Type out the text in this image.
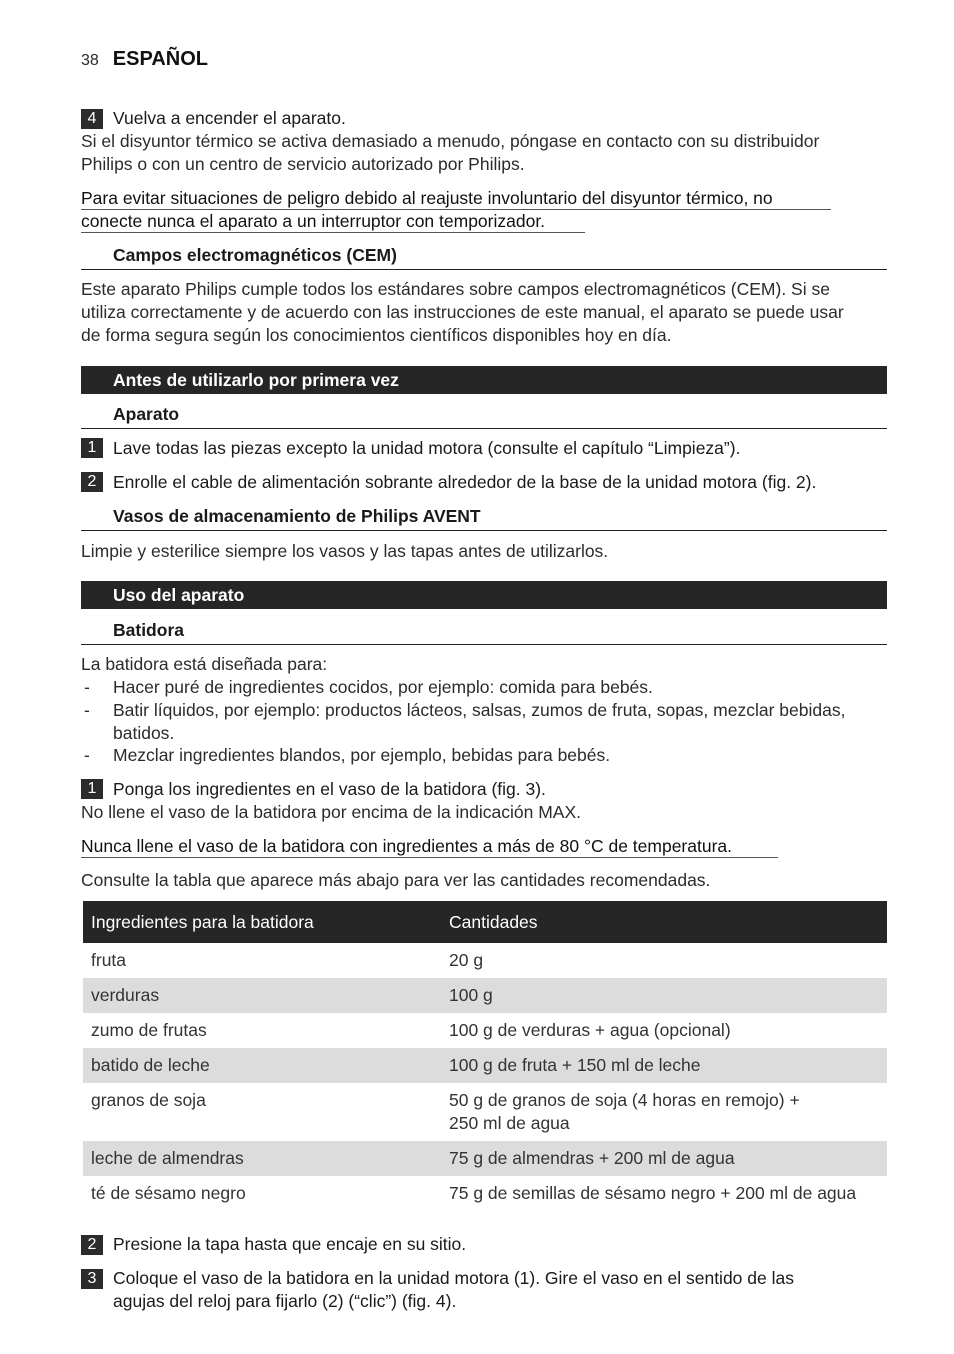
38 ESPAÑOL
4 Vuelva a encender el aparato.
Si el disyuntor térmico se activa demasiado a menudo, póngase en contacto con su distribuidor
Philips o con un centro de servicio autorizado por Philips.
Para evitar situaciones de peligro debido al reajuste involuntario del disyuntor térmico, no
conecte nunca el aparato a un interruptor con temporizador.
Campos electromagnéticos (CEM)
Este aparato Philips cumple todos los estándares sobre campos electromagnéticos (CEM). Si se
utiliza correctamente y de acuerdo con las instrucciones de este manual, el aparato se puede usar
de forma segura según los conocimientos científicos disponibles hoy en día.
Antes de utilizarlo por primera vez
Aparato
1 Lave todas las piezas excepto la unidad motora (consulte el capítulo “Limpieza”).
2 Enrolle el cable de alimentación sobrante alrededor de la base de la unidad motora (fig. 2).
Vasos de almacenamiento de Philips AVENT
Limpie y esterilice siempre los vasos y las tapas antes de utilizarlos.
Uso del aparato
Batidora
La batidora está diseñada para:
- Hacer puré de ingredientes cocidos, por ejemplo: comida para bebés.
- Batir líquidos, por ejemplo: productos lácteos, salsas, zumos de fruta, sopas, mezclar bebidas,
batidos.
- Mezclar ingredientes blandos, por ejemplo, bebidas para bebés.
1 Ponga los ingredientes en el vaso de la batidora (fig. 3).
No llene el vaso de la batidora por encima de la indicación MAX.
Nunca llene el vaso de la batidora con ingredientes a más de 80 °C de temperatura.
Consulte la tabla que aparece más abajo para ver las cantidades recomendadas.
Ingredientes para la batidora	Cantidades
fruta	20 g
verduras	100 g
zumo de frutas	100 g de verduras + agua (opcional)
batido de leche	100 g de fruta + 150 ml de leche
granos de soja	50 g de granos de soja (4 horas en remojo) +
250 ml de agua

leche de almendras	75 g de almendras + 200 ml de agua
té de sésamo negro	75 g de semillas de sésamo negro + 200 ml de agua
2 Presione la tapa hasta que encaje en su sitio.
3 Coloque el vaso de la batidora en la unidad motora (1). Gire el vaso en el sentido de las
agujas del reloj para fijarlo (2) (“clic”) (fig. 4).
